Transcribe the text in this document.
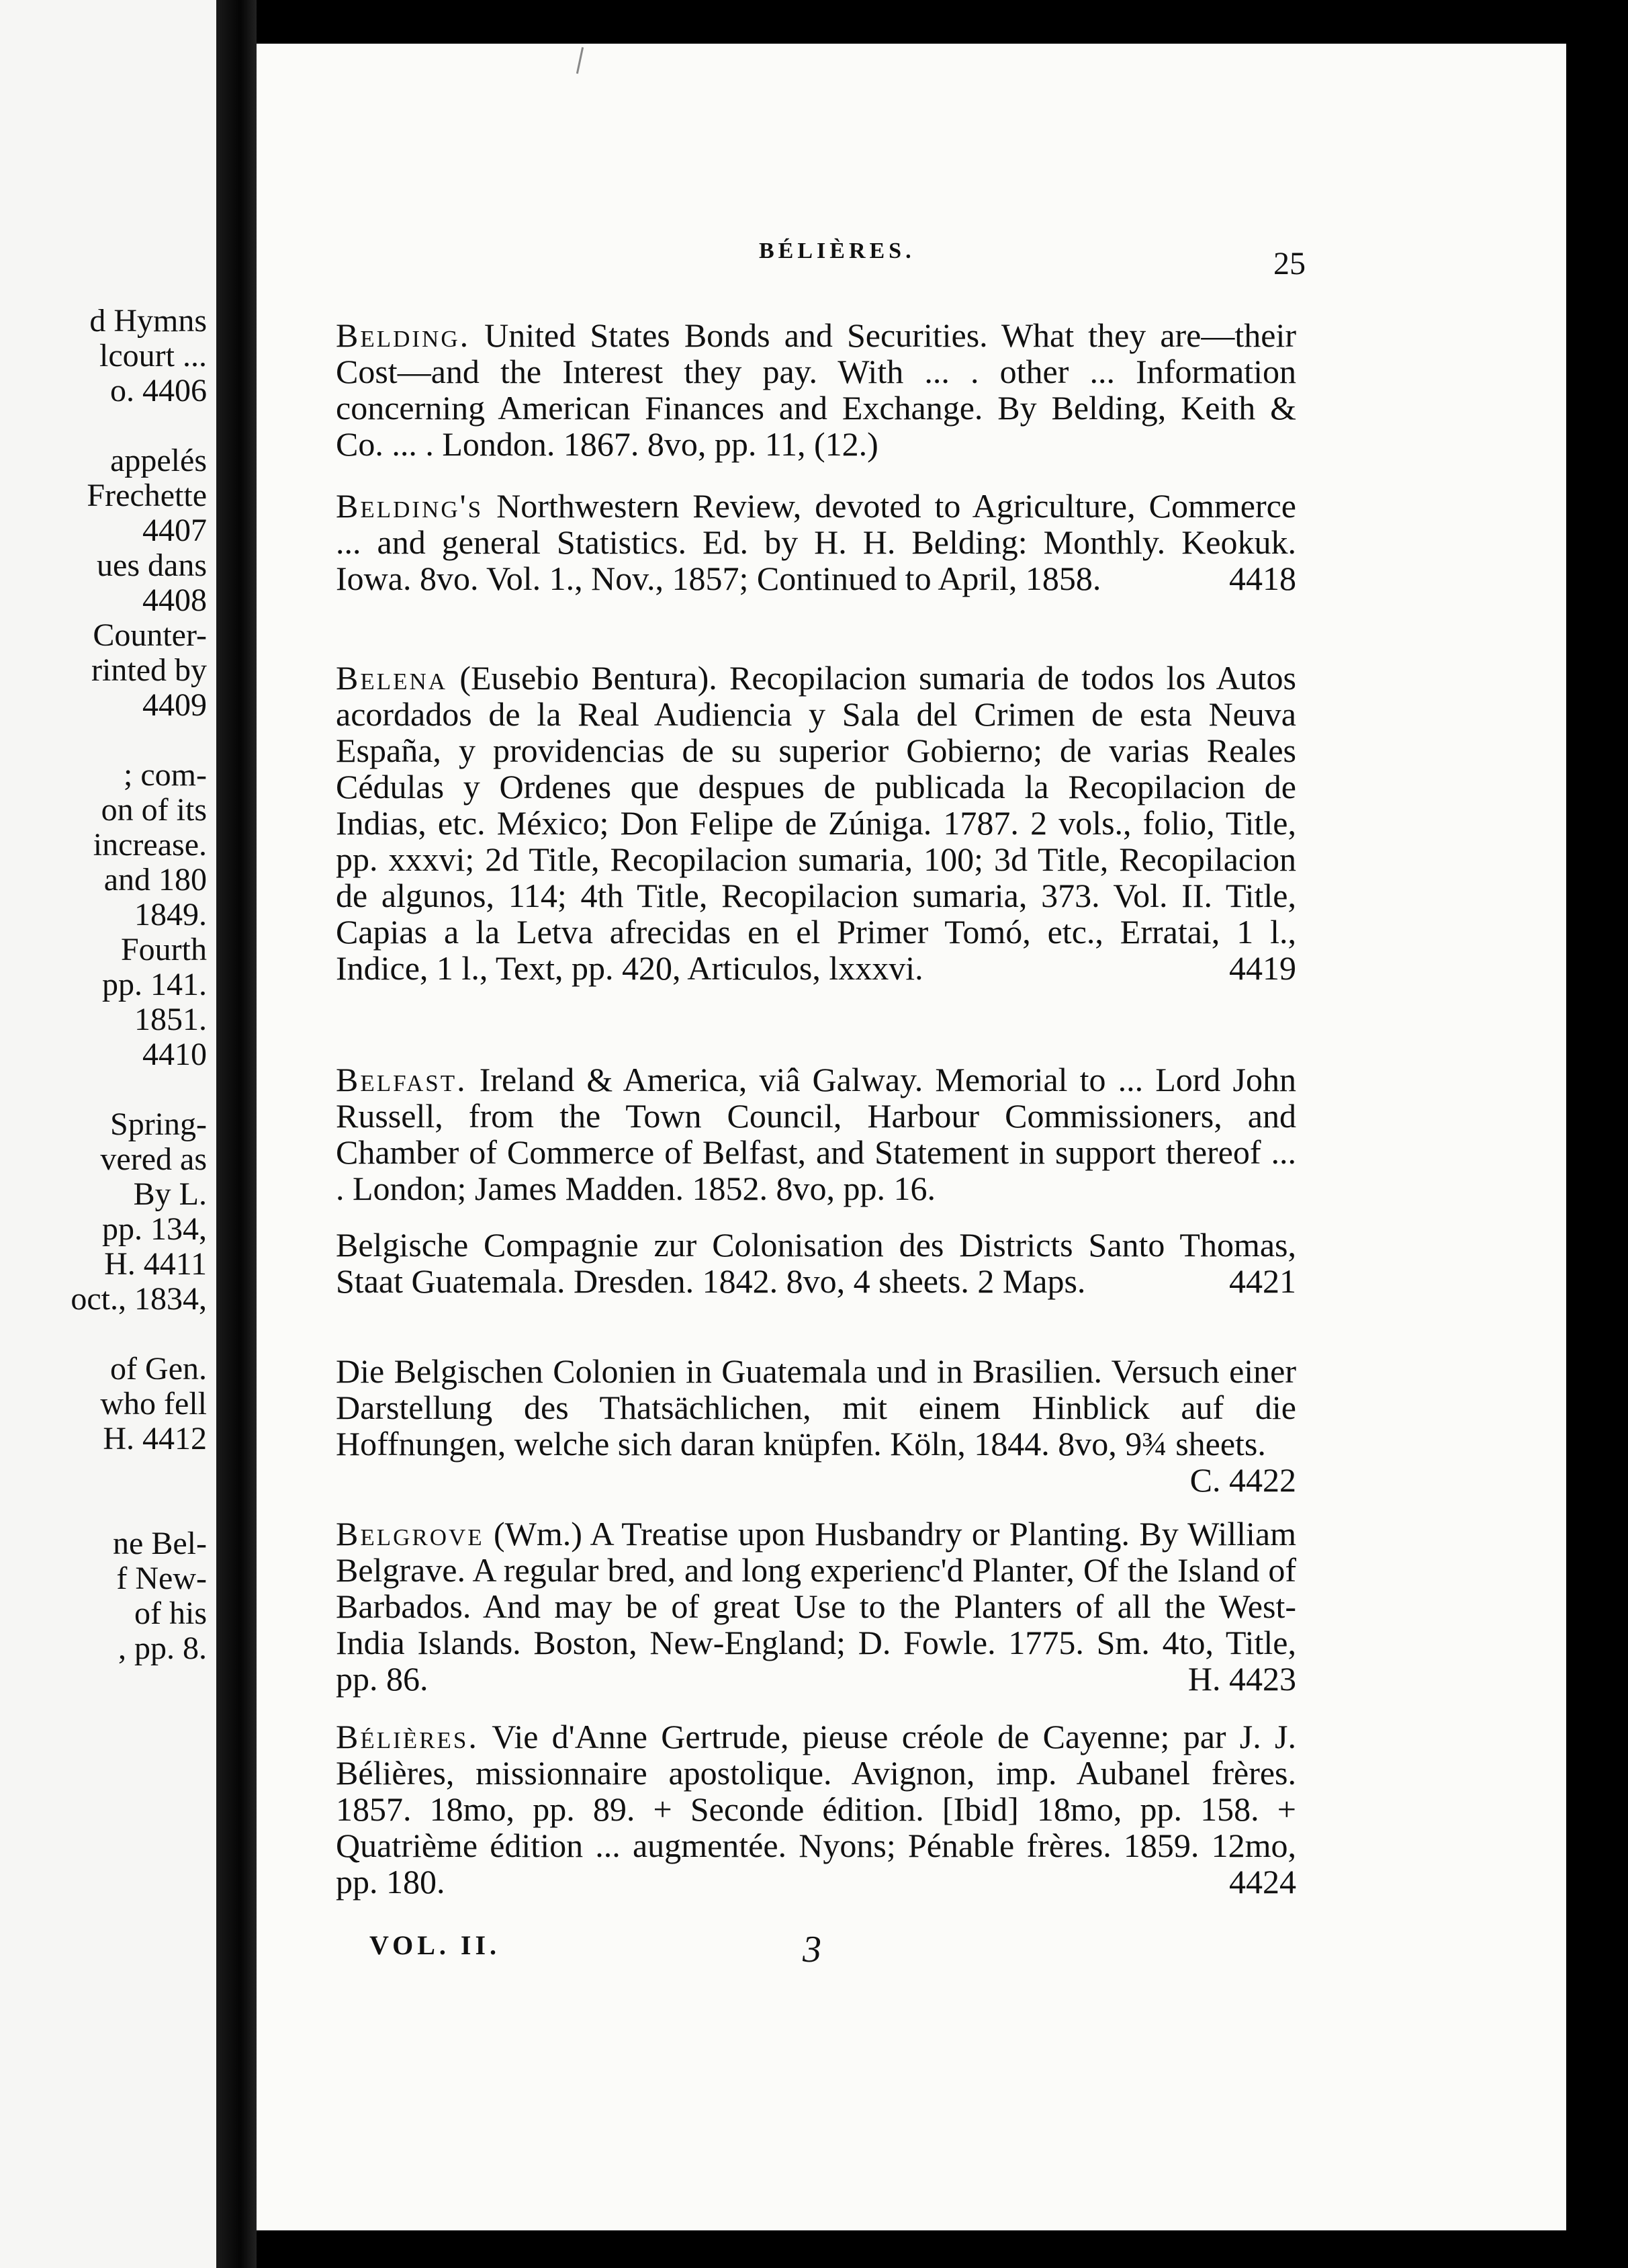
d Hymns
lcourt ...
o. 4406
appelés
Frechette
4407
ues dans
4408
Counter-
rinted by
4409
; com-
on of its
increase.
and 180
1849.
Fourth
pp. 141.
1851.
4410
Spring-
vered as
By L.
pp. 134,
H. 4411
oct., 1834,
of Gen.
who fell
H. 4412
ne Bel-
f New-
of his
, pp. 8.
BÉLIÈRES.	25
Belding. United States Bonds and Securities. What they are—their Cost—and the Interest they pay. With ... . other ... Information concerning American Finances and Exchange. By Belding, Keith & Co. ... . London. 1867. 8vo, pp. 11, (12.)
Belding's Northwestern Review, devoted to Agriculture, Commerce ... and general Statistics. Ed. by H. H. Belding: Monthly. Keokuk. Iowa. 8vo. Vol. 1., Nov., 1857; Continued to April, 1858.	4418
Belena (Eusebio Bentura). Recopilacion sumaria de todos los Autos acordados de la Real Audiencia y Sala del Crimen de esta Neuva España, y providencias de su superior Gobierno; de varias Reales Cédulas y Ordenes que despues de publicada la Recopilacion de Indias, etc. México; Don Felipe de Zúniga. 1787. 2 vols., folio, Title, pp. xxxvi; 2d Title, Recopilacion sumaria, 100; 3d Title, Recopilacion de algunos, 114; 4th Title, Recopilacion sumaria, 373. Vol. II. Title, Capias a la Letva afrecidas en el Primer Tomó, etc., Erratai, 1 l., Indice, 1 l., Text, pp. 420, Articulos, lxxxvi.	4419
Belfast. Ireland & America, viâ Galway. Memorial to ... Lord John Russell, from the Town Council, Harbour Commissioners, and Chamber of Commerce of Belfast, and Statement in support thereof ... . London; James Madden. 1852. 8vo, pp. 16.
Belgische Compagnie zur Colonisation des Districts Santo Thomas, Staat Guatemala. Dresden. 1842. 8vo, 4 sheets. 2 Maps.	4421
Die Belgischen Colonien in Guatemala und in Brasilien. Versuch einer Darstellung des Thatsächlichen, mit einem Hinblick auf die Hoffnungen, welche sich daran knüpfen. Köln, 1844. 8vo, 9¾ sheets.
C. 4422
Belgrove (Wm.) A Treatise upon Husbandry or Planting. By William Belgrave. A regular bred, and long experienc'd Planter, Of the Island of Barbados. And may be of great Use to the Planters of all the West-India Islands. Boston, New-England; D. Fowle. 1775. Sm. 4to, Title, pp. 86.	H. 4423
Bélières. Vie d'Anne Gertrude, pieuse créole de Cayenne; par J. J. Bélières, missionnaire apostolique. Avignon, imp. Aubanel frères. 1857. 18mo, pp. 89. + Seconde édition. [Ibid] 18mo, pp. 158. + Quatrième édition ... augmentée. Nyons; Pénable frères. 1859. 12mo, pp. 180.	4424
VOL. II.	3
